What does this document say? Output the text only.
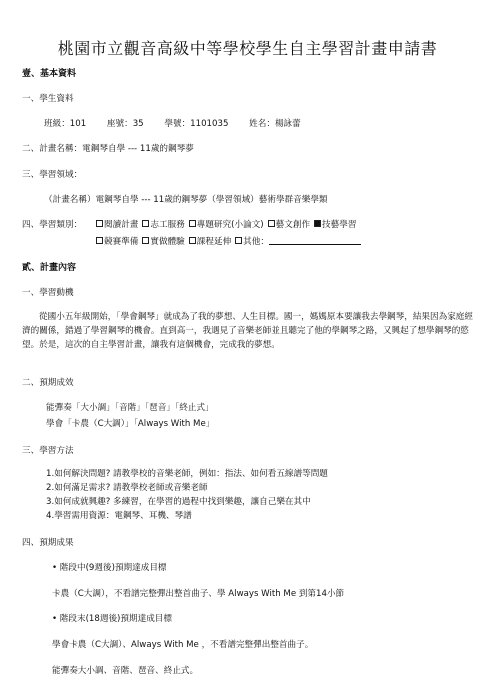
桃園市立觀音高級中等學校學生自主學習計畫申請書
壹、基本資料
一、學生資料
班級：101 座號：35 學號：1101035 姓名：楊詠蕾
二、計畫名稱：電鋼琴自學 --- 11歲的鋼琴夢
三、學習領域：
（計畫名稱）電鋼琴自學 --- 11歲的鋼琴夢（學習領域）藝術學群音樂學類
四、學習類別：	閱讀計畫 志工服務 專題研究(小論文) 藝文創作 技藝學習
競賽準備 實做體驗 課程延伸 其他：
貳、計畫內容
一、學習動機
從國小五年級開始，「學會鋼琴」就成為了我的夢想、人生目標。國一，媽媽原本要讓我去學鋼琴，結果因為家庭經濟的關係，錯過了學習鋼琴的機會。直到高一，我遇見了音樂老師並且聽完了他的學鋼琴之路，又興起了想學鋼琴的慾望。於是，這次的自主學習計畫，讓我有這個機會，完成我的夢想。
二、預期成效
能彈奏「大小調」「音階」「琶音」「終止式」
學會「卡農（C大調）」「Always With Me」
三、學習方法
1.如何解決問題? 請教學校的音樂老師，例如：指法、如何看五線譜等問題
2.如何滿足需求? 請教學校老師或音樂老師
3.如何成就興趣? 多練習，在學習的過程中找到樂趣，讓自己樂在其中
4.學習需用資源：電鋼琴、耳機、琴譜
四、預期成果
• 階段中(9週後)預期達成目標
卡農（C大調），不看譜完整彈出整首曲子、學 Always With Me 到第14小節
• 階段末(18週後)預期達成目標
學會卡農（C大調）、Always With Me ，不看譜完整彈出整首曲子。
能彈奏大小調、音階、琶音、終止式。
